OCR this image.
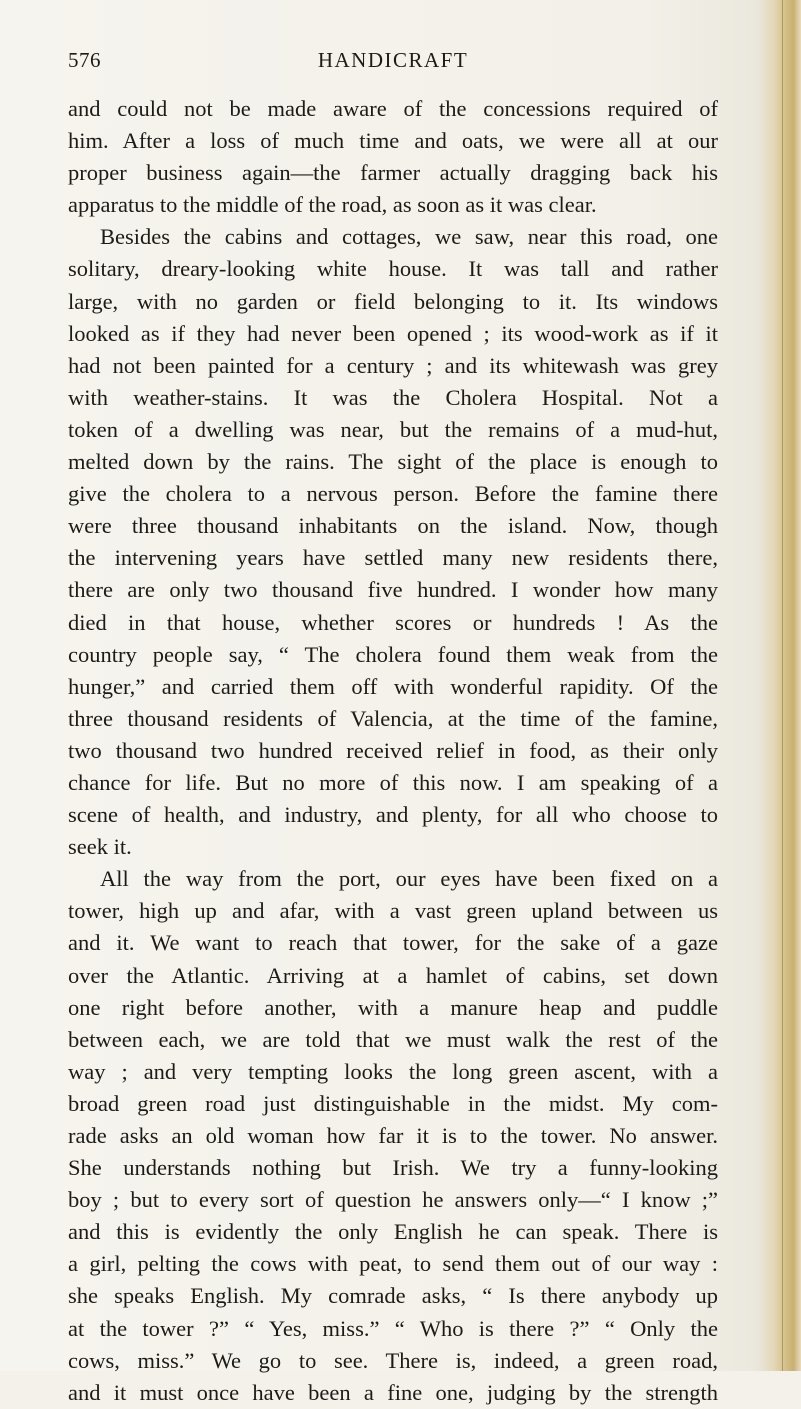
576	HANDICRAFT
and could not be made aware of the concessions required of
him. After a loss of much time and oats, we were all at our
proper business again—the farmer actually dragging back his
apparatus to the middle of the road, as soon as it was clear.
Besides the cabins and cottages, we saw, near this road, one
solitary, dreary-looking white house. It was tall and rather
large, with no garden or field belonging to it. Its windows
looked as if they had never been opened ; its wood-work as if it
had not been painted for a century ; and its whitewash was grey
with weather-stains. It was the Cholera Hospital. Not a
token of a dwelling was near, but the remains of a mud-hut,
melted down by the rains. The sight of the place is enough to
give the cholera to a nervous person. Before the famine there
were three thousand inhabitants on the island. Now, though
the intervening years have settled many new residents there,
there are only two thousand five hundred. I wonder how many
died in that house, whether scores or hundreds ! As the
country people say, “ The cholera found them weak from the
hunger,” and carried them off with wonderful rapidity. Of the
three thousand residents of Valencia, at the time of the famine,
two thousand two hundred received relief in food, as their only
chance for life. But no more of this now. I am speaking of a
scene of health, and industry, and plenty, for all who choose to
seek it.
All the way from the port, our eyes have been fixed on a
tower, high up and afar, with a vast green upland between us
and it. We want to reach that tower, for the sake of a gaze
over the Atlantic. Arriving at a hamlet of cabins, set down
one right before another, with a manure heap and puddle
between each, we are told that we must walk the rest of the
way ; and very tempting looks the long green ascent, with a
broad green road just distinguishable in the midst. My com-
rade asks an old woman how far it is to the tower. No answer.
She understands nothing but Irish. We try a funny-looking
boy ; but to every sort of question he answers only—“ I know ;”
and this is evidently the only English he can speak. There is
a girl, pelting the cows with peat, to send them out of our way :
she speaks English. My comrade asks, “ Is there anybody up
at the tower ?” “ Yes, miss.” “ Who is there ?” “ Only the
cows, miss.” We go to see. There is, indeed, a green road,
and it must once have been a fine one, judging by the strength
